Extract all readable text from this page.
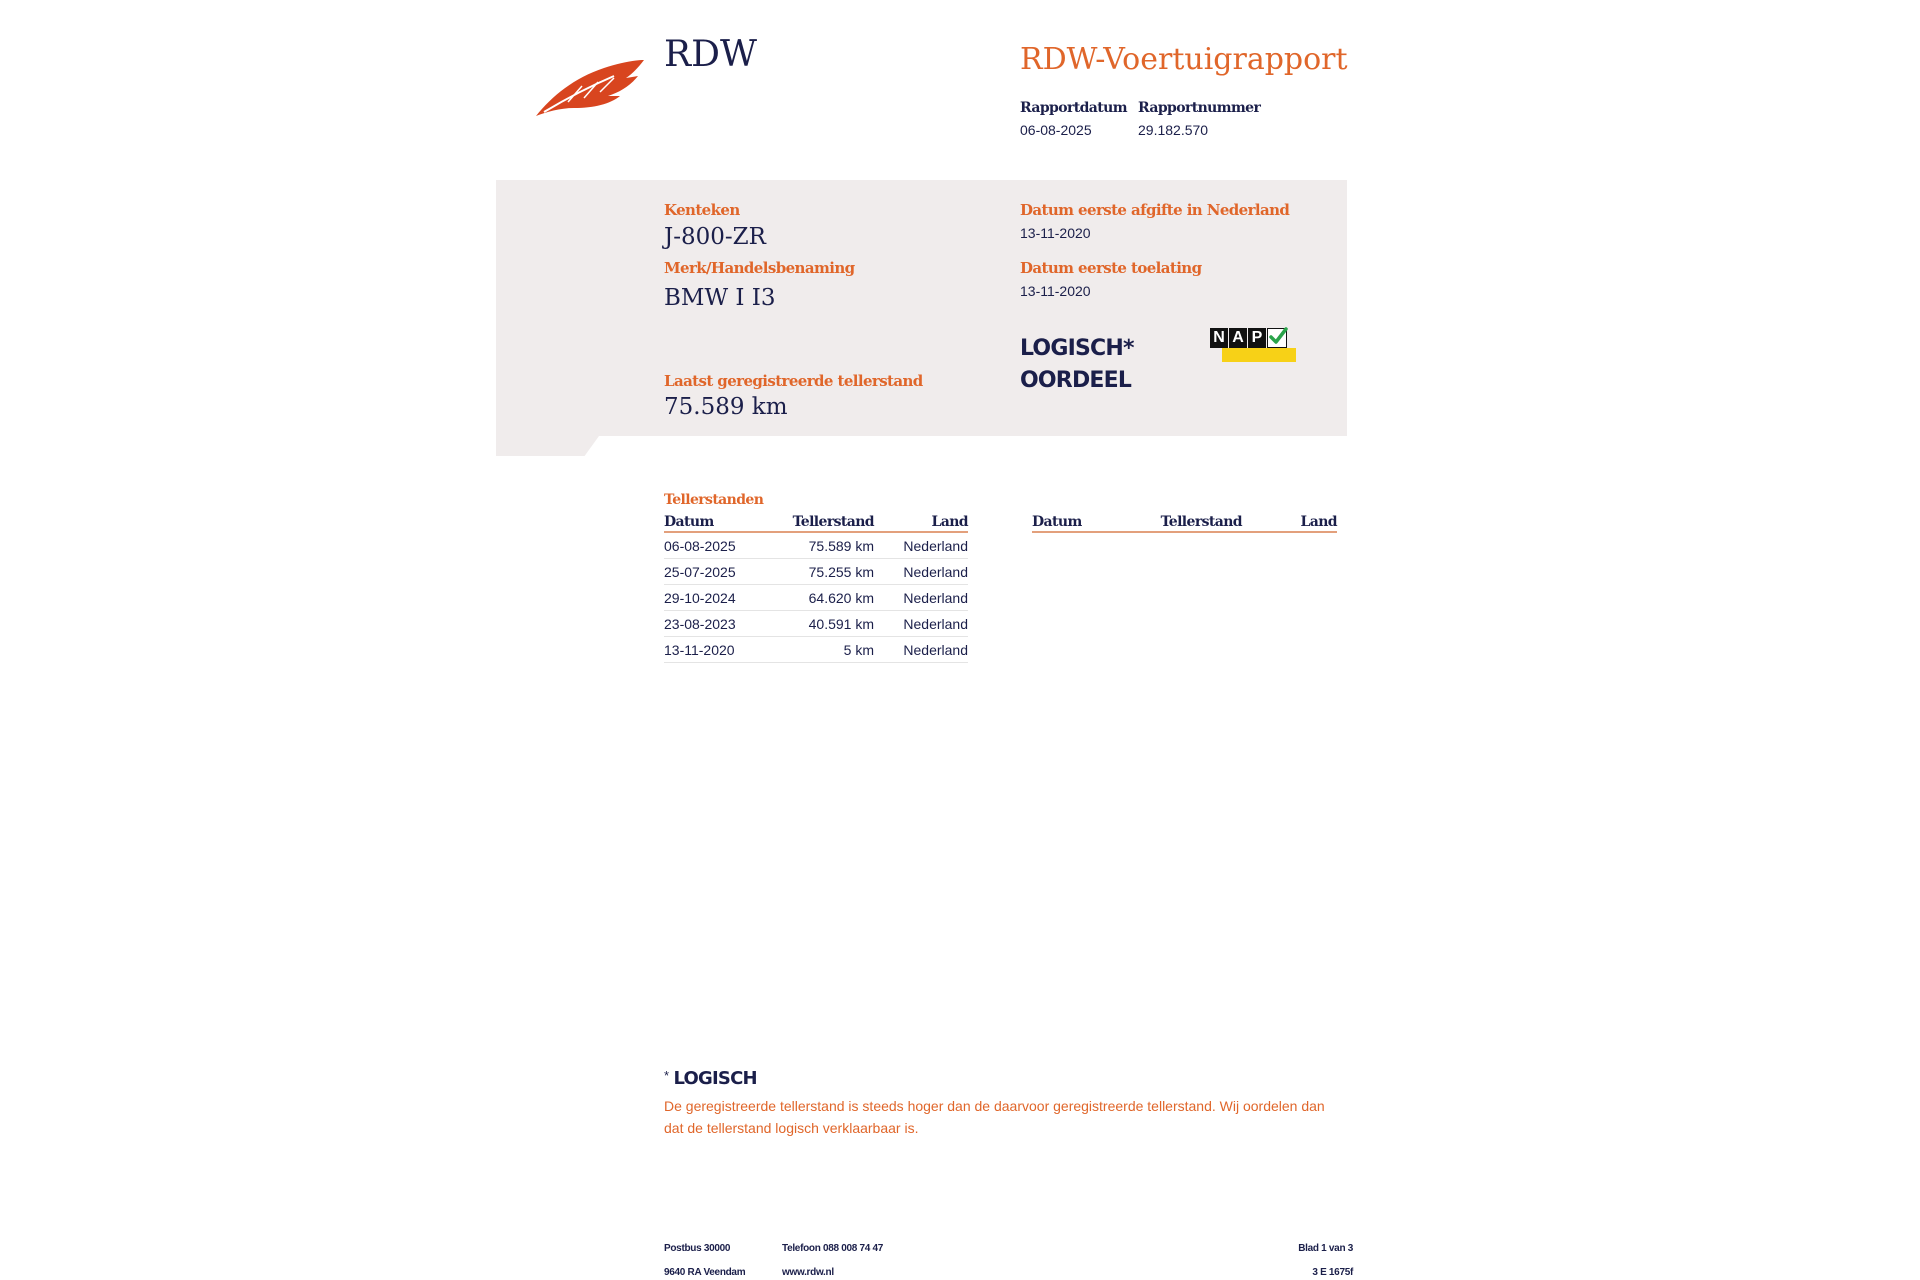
RDW	RDW-Voertuigrapport
Rapportdatum
06-08-2025
Rapportnummer
29.182.570
Kenteken
J-800-ZR
Merk/Handelsbenaming
BMW I I3
Datum eerste afgifte in Nederland
13-11-2020
Datum eerste toelating
13-11-2020
LOGISCH*
OORDEEL
N A P
Laatst geregistreerde tellerstand
75.589 km
Tellerstanden
Datum	Tellerstand	Land
06-08-2025	75.589 km	Nederland
25-07-2025	75.255 km	Nederland
29-10-2024	64.620 km	Nederland
23-08-2023	40.591 km	Nederland
13-11-2020	5 km	Nederland
Datum	Tellerstand	Land
* LOGISCH
De geregistreerde tellerstand is steeds hoger dan de daarvoor geregistreerde tellerstand. Wij oordelen dan
dat de tellerstand logisch verklaarbaar is.
Postbus 30000
9640 RA Veendam
Telefoon 088 008 74 47
www.rdw.nl
Blad 1 van 3
3 E 1675f
